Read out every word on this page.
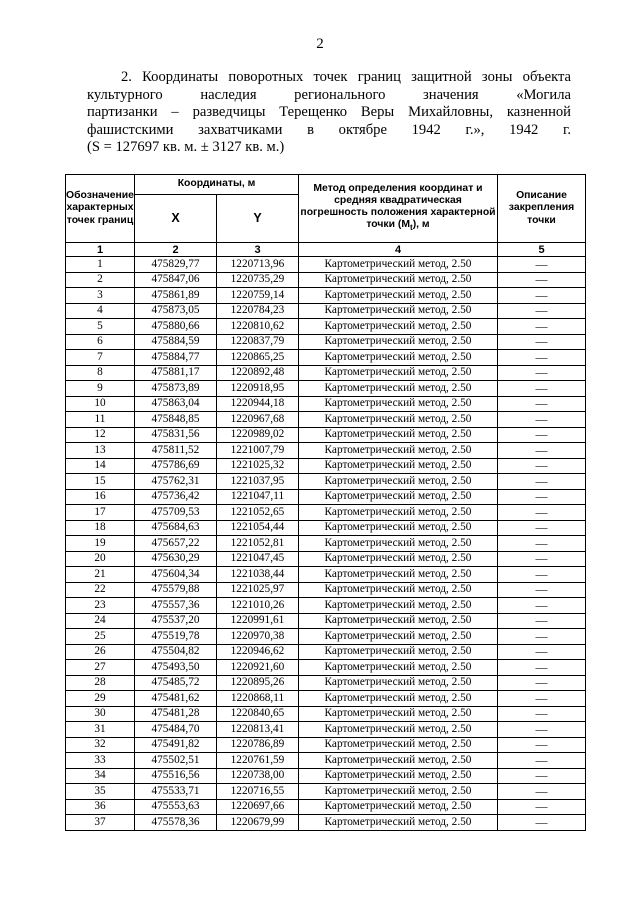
2
2. Координаты поворотных точек границ защитной зоны объекта
культурного наследия регионального значения «Могила
партизанки – разведчицы Терещенко Веры Михайловны, казненной
фашистскими захватчиками в октябре 1942 г.», 1942 г.
(S = 127697 кв. м. ± 3127 кв. м.)
Обозначение характерных точек границ	Координаты, м		Метод определения координат и средняя квадратическая погрешность положения характерной точки $(M_t)$, м	Описание закрепления точки
	X	Y		
1	2	3	4	5
1	475829,77	1220713,96	Картометрический метод, 2.50	—
2	475847,06	1220735,29	Картометрический метод, 2.50	—
3	475861,89	1220759,14	Картометрический метод, 2.50	—
4	475873,05	1220784,23	Картометрический метод, 2.50	—
5	475880,66	1220810,62	Картометрический метод, 2.50	—
6	475884,59	1220837,79	Картометрический метод, 2.50	—
7	475884,77	1220865,25	Картометрический метод, 2.50	—
8	475881,17	1220892,48	Картометрический метод, 2.50	—
9	475873,89	1220918,95	Картометрический метод, 2.50	—
10	475863,04	1220944,18	Картометрический метод, 2.50	—
11	475848,85	1220967,68	Картометрический метод, 2.50	—
12	475831,56	1220989,02	Картометрический метод, 2.50	—
13	475811,52	1221007,79	Картометрический метод, 2.50	—
14	475786,69	1221025,32	Картометрический метод, 2.50	—
15	475762,31	1221037,95	Картометрический метод, 2.50	—
16	475736,42	1221047,11	Картометрический метод, 2.50	—
17	475709,53	1221052,65	Картометрический метод, 2.50	—
18	475684,63	1221054,44	Картометрический метод, 2.50	—
19	475657,22	1221052,81	Картометрический метод, 2.50	—
20	475630,29	1221047,45	Картометрический метод, 2.50	—
21	475604,34	1221038,44	Картометрический метод, 2.50	—
22	475579,88	1221025,97	Картометрический метод, 2.50	—
23	475557,36	1221010,26	Картометрический метод, 2.50	—
24	475537,20	1220991,61	Картометрический метод, 2.50	—
25	475519,78	1220970,38	Картометрический метод, 2.50	—
26	475504,82	1220946,62	Картометрический метод, 2.50	—
27	475493,50	1220921,60	Картометрический метод, 2.50	—
28	475485,72	1220895,26	Картометрический метод, 2.50	—
29	475481,62	1220868,11	Картометрический метод, 2.50	—
30	475481,28	1220840,65	Картометрический метод, 2.50	—
31	475484,70	1220813,41	Картометрический метод, 2.50	—
32	475491,82	1220786,89	Картометрический метод, 2.50	—
33	475502,51	1220761,59	Картометрический метод, 2.50	—
34	475516,56	1220738,00	Картометрический метод, 2.50	—
35	475533,71	1220716,55	Картометрический метод, 2.50	—
36	475553,63	1220697,66	Картометрический метод, 2.50	—
37	475578,36	1220679,99	Картометрический метод, 2.50	—
